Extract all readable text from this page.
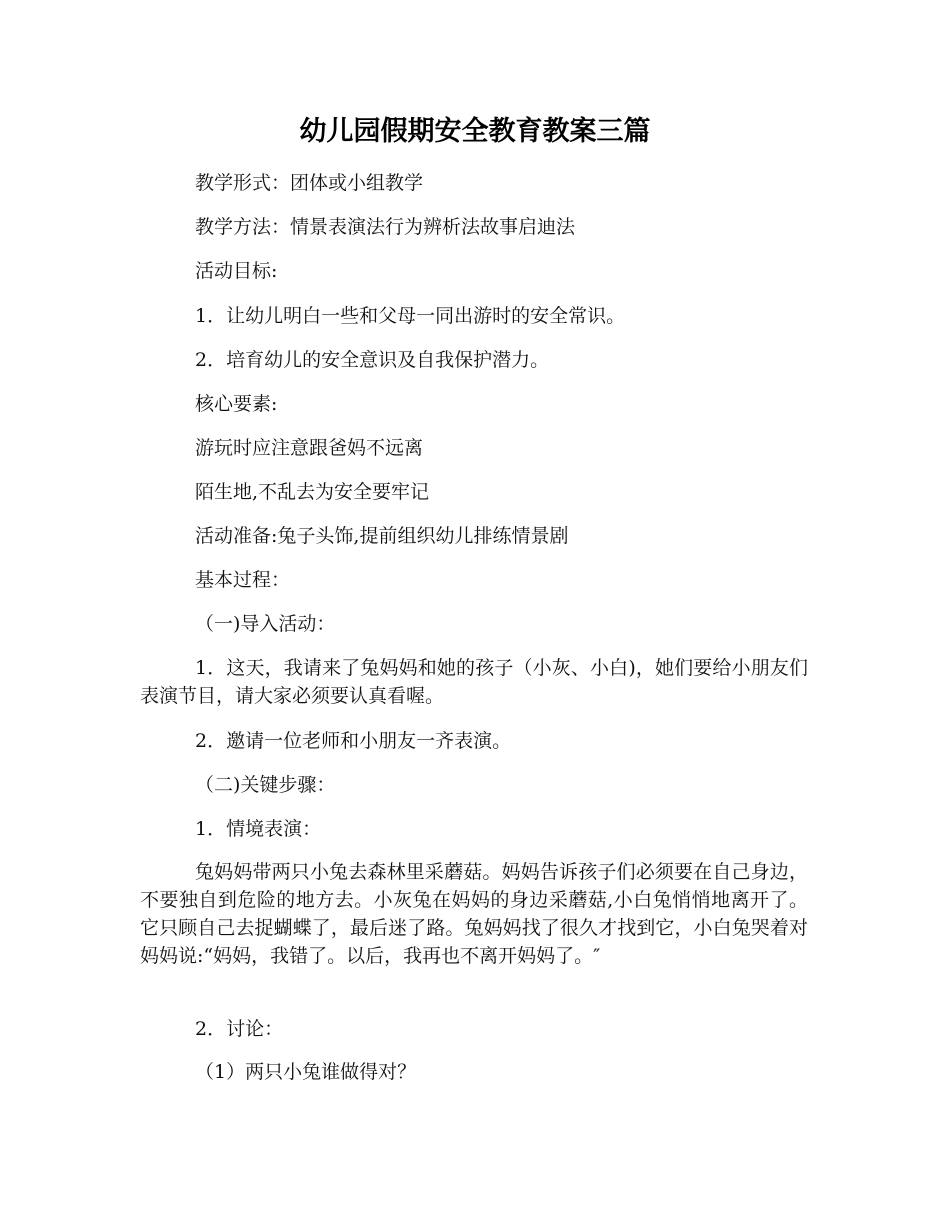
幼儿园假期安全教育教案三篇
教学形式：团体或小组教学
教学方法：情景表演法行为辨析法故事启迪法
活动目标:
1．让幼儿明白一些和父母一同出游时的安全常识。
2．培育幼儿的安全意识及自我保护潜力。
核心要素:
游玩时应注意跟爸妈不远离
陌生地,不乱去为安全要牢记
活动准备:兔子头饰,提前组织幼儿排练情景剧
基本过程：
（一)导入活动：
1．这天，我请来了兔妈妈和她的孩子（小灰、小白)，她们要给小朋友们表演节目，请大家必须要认真看喔。
2．邀请一位老师和小朋友一齐表演。
（二)关键步骤：
1．情境表演：
兔妈妈带两只小兔去森林里采蘑菇。妈妈告诉孩子们必须要在自己身边，不要独自到危险的地方去。小灰兔在妈妈的身边采蘑菇,小白兔悄悄地离开了。它只顾自己去捉蝴蝶了，最后迷了路。兔妈妈找了很久才找到它，小白兔哭着对妈妈说:“妈妈，我错了。以后，我再也不离开妈妈了。″
2．讨论：
（1）两只小兔谁做得对？
